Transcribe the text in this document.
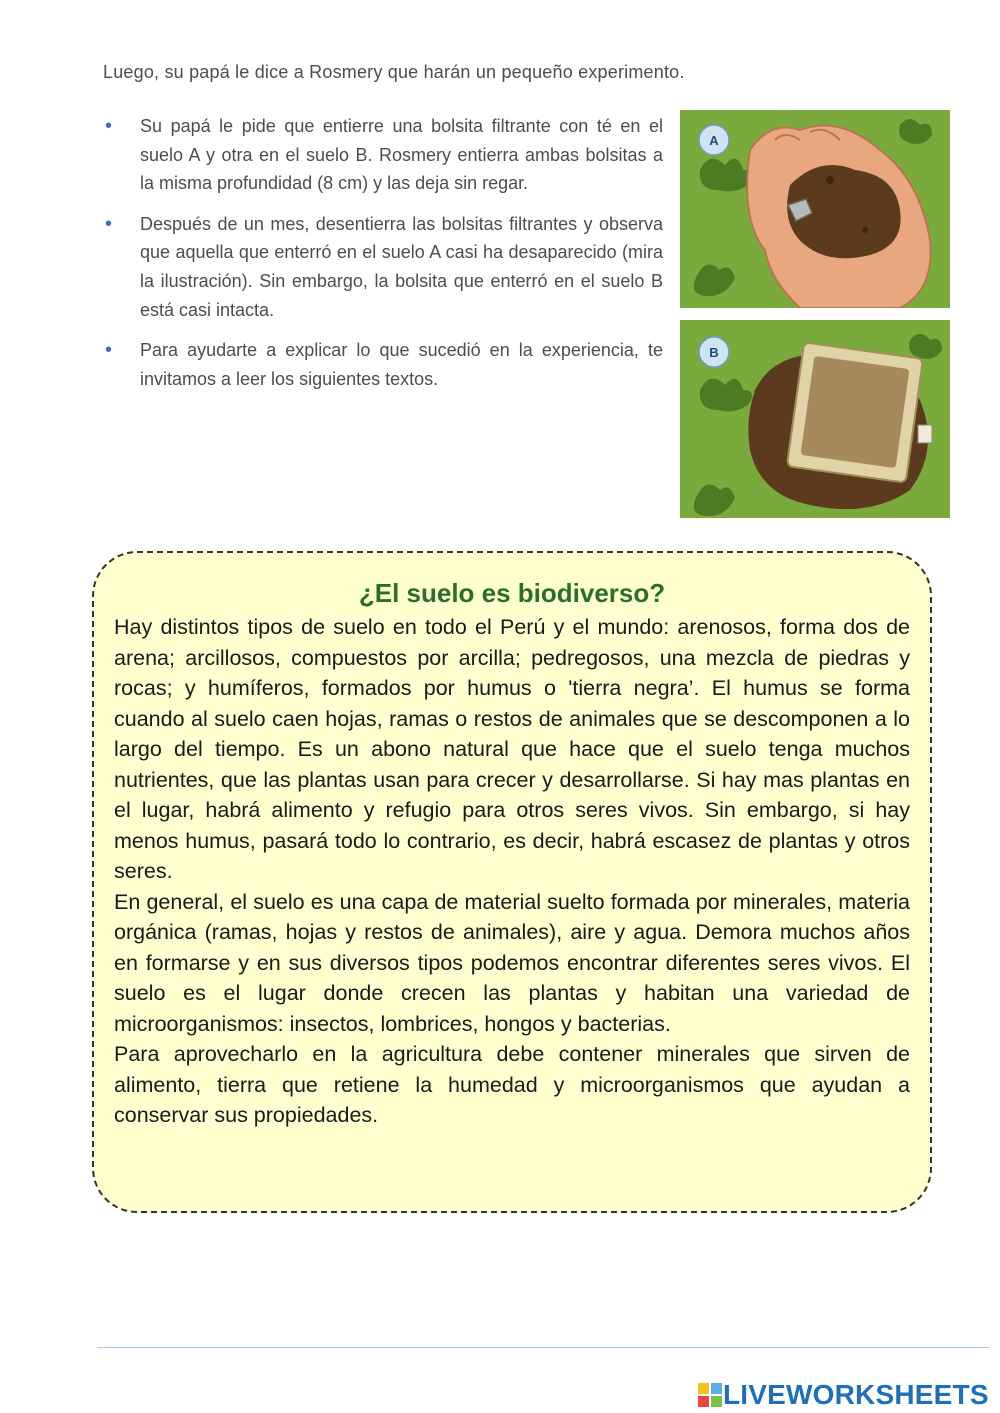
Luego, su papá le dice a Rosmery que harán un pequeño experimento.
• Su papá le pide que entierre una bolsita filtrante con té en el suelo A y otra en el suelo B. Rosmery entierra ambas bolsitas a la misma profundidad (8 cm) y las deja sin regar.
• Después de un mes, desentierra las bolsitas filtrantes y observa que aquella que enterró en el suelo A casi ha desaparecido (mira la ilustración). Sin embargo, la bolsita que enterró en el suelo B está casi intacta.
• Para ayudarte a explicar lo que sucedió en la experiencia, te invitamos a leer los siguientes textos.
A
B
¿El suelo es biodiverso?

Hay distintos tipos de suelo en todo el Perú y el mundo: arenosos, forma dos de arena; arcillosos, compuestos por arcilla; pedregosos, una mezcla de piedras y rocas; y humíferos, formados por humus o 'tierra negra’. El humus se forma cuando al suelo caen hojas, ramas o restos de animales que se descomponen a lo largo del tiempo. Es un abono natural que hace que el suelo tenga muchos nutrientes, que las plantas usan para crecer y desarrollarse. Si hay mas plantas en el lugar, habrá alimento y refugio para otros seres vivos. Sin embargo, si hay menos humus, pasará todo lo contrario, es decir, habrá escasez de plantas y otros seres.

En general, el suelo es una capa de material suelto formada por minerales, materia orgánica (ramas, hojas y restos de animales), aire y agua. Demora muchos años en formarse y en sus diversos tipos podemos encontrar diferentes seres vivos. El suelo es el lugar donde crecen las plantas y habitan una variedad de microorganismos: insectos, lombrices, hongos y bacterias.

Para aprovecharlo en la agricultura debe contener minerales que sirven de alimento, tierra que retiene la humedad y microorganismos que ayudan a conservar sus propiedades.

LIVEWORKSHEETS
